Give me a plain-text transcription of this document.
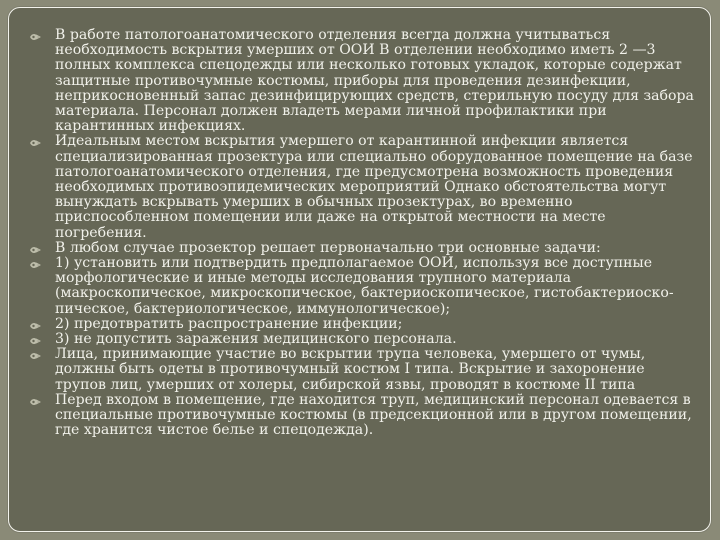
В работе патологоанатомического отделения всегда должна учитываться необходимость вскрытия умерших от ООИ В отделении необходимо иметь 2 —3 полных комплекса спецодежды или несколько готовых укладок, которые содержат защитные противочумные костюмы, приборы для проведения дезинфекции, неприкосновенный запас дезинфицирующих средств, стерильную посуду для забора материала. Персонал должен владеть мерами личной профилактики при карантинных инфекциях.
Идеальным местом вскрытия умершего от карантинной инфекции является специализированная прозектура или специально оборудованное помещение на базе патологоанатомического отделения, где предусмотрена возможность проведения необходимых противоэпидемических мероприятий Однако обстоятельства могут вынуждать вскрывать умерших в обычных прозектурах, во временно приспособленном помещении или даже на открытой местности на месте погребения.
В любом случае прозектор решает первоначально три основные задачи:
1) установить или подтвердить предполагаемое ООИ, используя все доступные морфологические и иные методы исследования трупного материала (макроскопическое, микроскопическое, бактериоскопическое, гистобактериоско-пическое, бактериологическое, иммунологическое);
2) предотвратить распространение инфекции;
3) не допустить заражения медицинского персонала.
Лица, принимающие участие во вскрытии трупа человека, умершего от чумы, должны быть одеты в противочумный костюм I типа. Вскрытие и захоронение трупов лиц, умерших от холеры, сибирской язвы, проводят в костюме II типа
Перед входом в помещение, где находится труп, медицинский персонал одевается в специальные противочумные костюмы (в предсекционной или в другом помещении, где хранится чистое белье и спецодежда).
